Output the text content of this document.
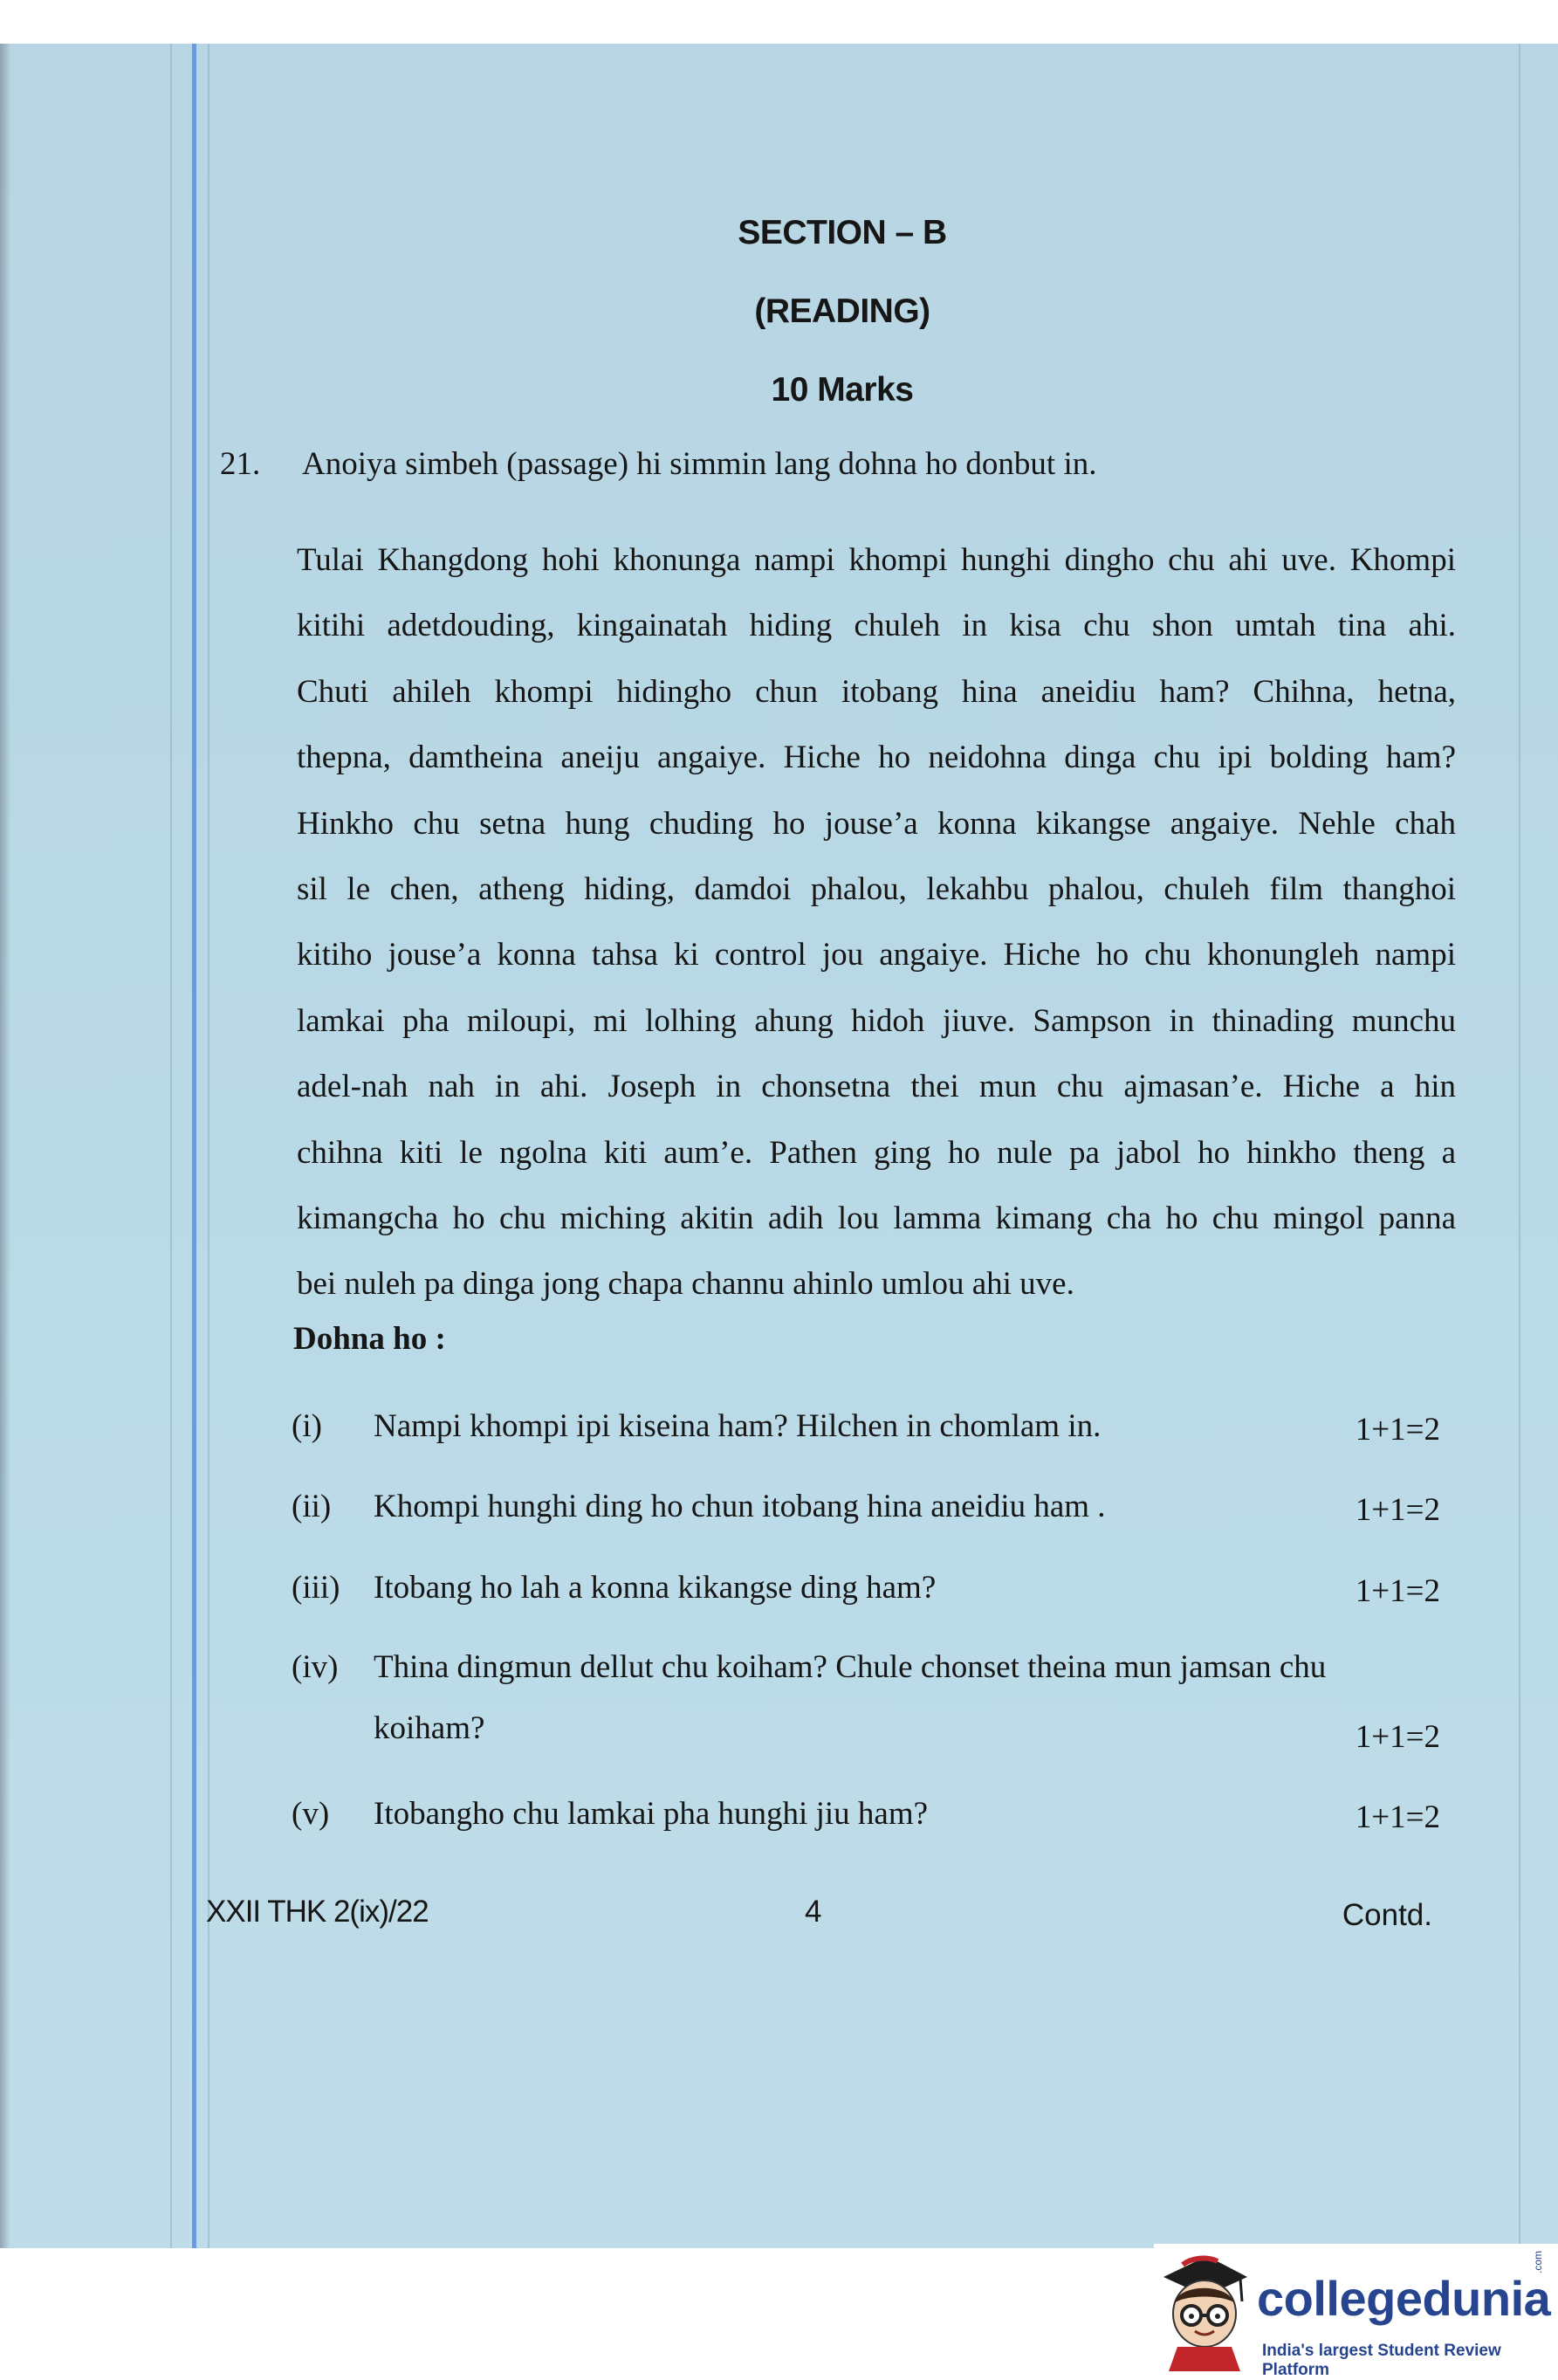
SECTION – B
(READING)
10 Marks
21. Anoiya simbeh (passage) hi simmin lang dohna ho donbut in.
Tulai Khangdong hohi khonunga nampi khompi hunghi dingho chu ahi uve. Khompi
kitihi adetdouding, kingainatah hiding chuleh in kisa chu shon umtah tina ahi.
Chuti ahileh khompi hidingho chun itobang hina aneidiu ham? Chihna, hetna,
thepna, damtheina aneiju angaiye. Hiche ho neidohna dinga chu ipi bolding ham?
Hinkho chu setna hung chuding ho jouse’a konna kikangse angaiye. Nehle chah
sil le chen, atheng hiding, damdoi phalou, lekahbu phalou, chuleh film thanghoi
kitiho jouse’a konna tahsa ki control jou angaiye. Hiche ho chu khonungleh nampi
lamkai pha miloupi, mi lolhing ahung hidoh jiuve. Sampson in thinading munchu
adel-nah nah in ahi. Joseph in chonsetna thei mun chu ajmasan’e. Hiche a hin
chihna kiti le ngolna kiti aum’e. Pathen ging ho nule pa jabol ho hinkho theng a
kimangcha ho chu miching akitin adih lou lamma kimang cha ho chu mingol panna
bei nuleh pa dinga jong chapa channu ahinlo umlou ahi uve.
Dohna ho :
(i) Nampi khompi ipi kiseina ham? Hilchen in chomlam in.	1+1=2
(ii) Khompi hunghi ding ho chun itobang hina aneidiu ham .	1+1=2
(iii) Itobang ho lah a konna kikangse ding ham?	1+1=2
(iv) Thina dingmun dellut chu koiham? Chule chonset theina mun jamsan chu
koiham?	1+1=2
(v) Itobangho chu lamkai pha hunghi jiu ham?	1+1=2
XXII THK 2(ix)/22	4	Contd.
collegedunia
.com
India's largest Student Review Platform
